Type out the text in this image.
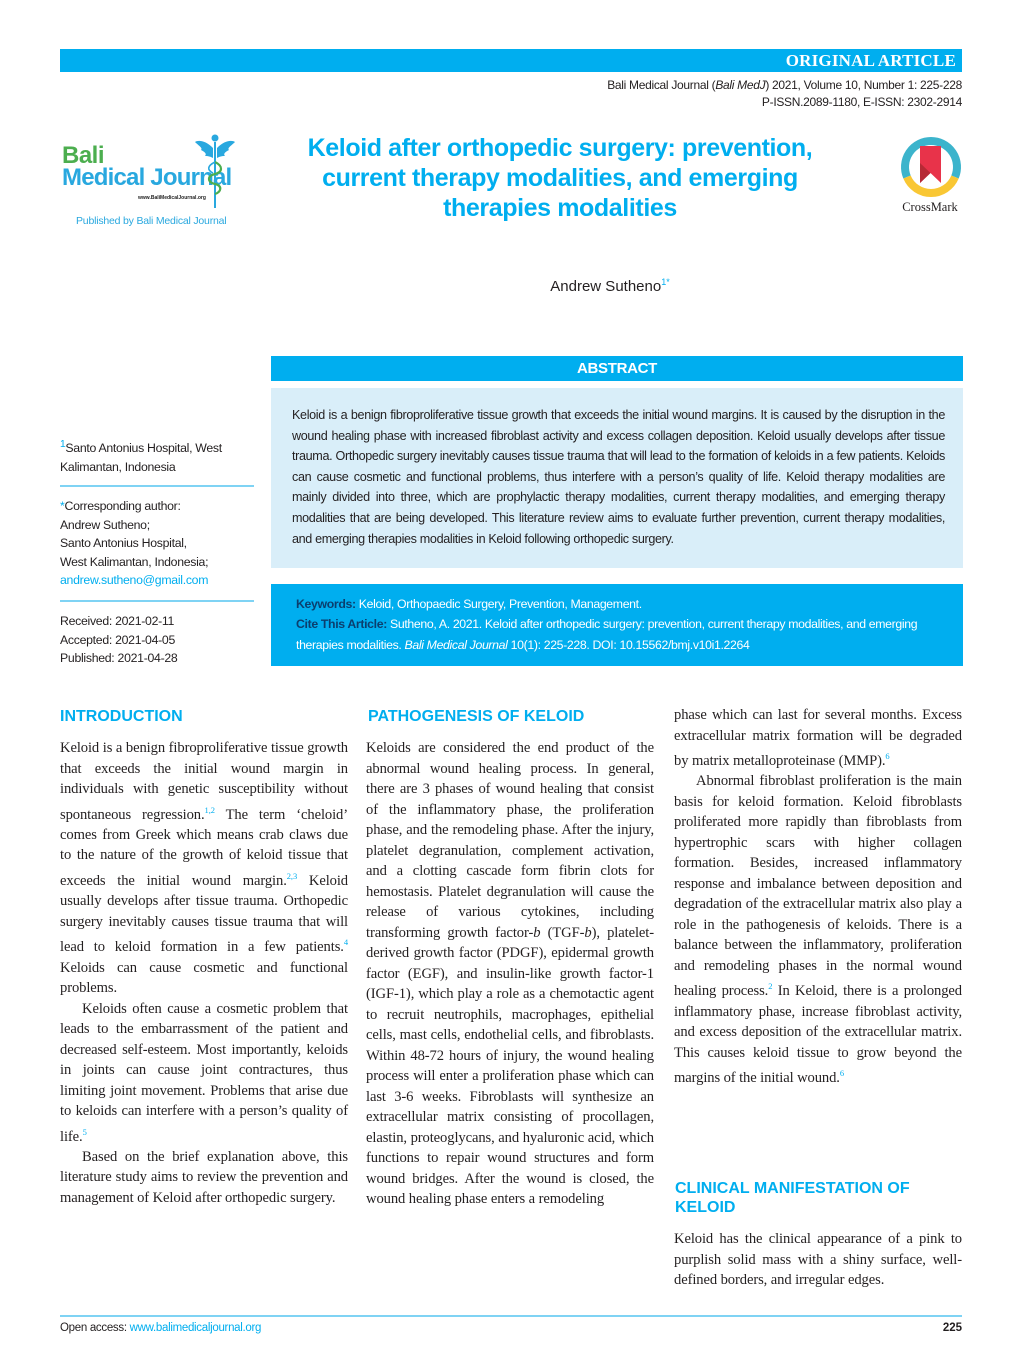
ORIGINAL ARTICLE
Bali Medical Journal (Bali MedJ) 2021, Volume 10, Number 1: 225-228
P-ISSN.2089-1180, E-ISSN: 2302-2914
Bali
Medical Journal
www.BaliMedicalJournal.org
Published by Bali Medical Journal
Keloid after orthopedic surgery: prevention, current therapy modalities, and emerging therapies modalities	CrossMark
Andrew Sutheno$^{1*}$
ABSTRACT
Keloid is a benign fibroproliferative tissue growth that exceeds the initial wound margins. It is caused by the disruption in the wound healing phase with increased fibroblast activity and excess collagen deposition. Keloid usually develops after tissue trauma. Orthopedic surgery inevitably causes tissue trauma that will lead to the formation of keloids in a few patients. Keloids can cause cosmetic and functional problems, thus interfere with a person’s quality of life. Keloid therapy modalities are mainly divided into three, which are prophylactic therapy modalities, current therapy modalities, and emerging therapy modalities that are being developed. This literature review aims to evaluate further prevention, current therapy modalities, and emerging therapies modalities in Keloid following orthopedic surgery.
Keywords: Keloid, Orthopaedic Surgery, Prevention, Management.
Cite This Article: Sutheno, A. 2021. Keloid after orthopedic surgery: prevention, current therapy modalities, and emerging therapies modalities. Bali Medical Journal 10(1): 225-228. DOI: 10.15562/bmj.v10i1.2264
$^1$Santo Antonius Hospital, West Kalimantan, Indonesia
*Corresponding author:
Andrew Sutheno;
Santo Antonius Hospital,
West Kalimantan, Indonesia;
andrew.sutheno@gmail.com
Received: 2021-02-11
Accepted: 2021-04-05
Published: 2021-04-28
INTRODUCTION

Keloid is a benign fibroproliferative tissue growth that exceeds the initial wound margin in individuals with genetic susceptibility without spontaneous regression.$^{1,2}$ The term ‘cheloid’ comes from Greek which means crab claws due to the nature of the growth of keloid tissue that exceeds the initial wound margin.$^{2,3}$ Keloid usually develops after tissue trauma. Orthopedic surgery inevitably causes tissue trauma that will lead to keloid formation in a few patients.$^4$ Keloids can cause cosmetic and functional problems.

Keloids often cause a cosmetic problem that leads to the embarrassment of the patient and decreased self-esteem. Most importantly, keloids in joints can cause joint contractures, thus limiting joint movement. Problems that arise due to keloids can interfere with a person’s quality of life.$^5$

Based on the brief explanation above, this literature study aims to review the prevention and management of Keloid after orthopedic surgery.

PATHOGENESIS OF KELOID

Keloids are considered the end product of the abnormal wound healing process. In general, there are 3 phases of wound healing that consist of the inflammatory phase, the proliferation phase, and the remodeling phase. After the injury, platelet degranulation, complement activation, and a clotting cascade form fibrin clots for hemostasis. Platelet degranulation will cause the release of various cytokines, including transforming growth factor-b (TGF-b), platelet-derived growth factor (PDGF), epidermal growth factor (EGF), and insulin-like growth factor-1 (IGF-1), which play a role as a chemotactic agent to recruit neutrophils, macrophages, epithelial cells, mast cells, endothelial cells, and fibroblasts. Within 48-72 hours of injury, the wound healing process will enter a proliferation phase which can last 3-6 weeks. Fibroblasts will synthesize an extracellular matrix consisting of procollagen, elastin, proteoglycans, and hyaluronic acid, which functions to repair wound structures and form wound bridges. After the wound is closed, the wound healing phase enters a remodeling

phase which can last for several months. Excess extracellular matrix formation will be degraded by matrix metalloproteinase (MMP).$^6$

Abnormal fibroblast proliferation is the main basis for keloid formation. Keloid fibroblasts proliferated more rapidly than fibroblasts from hypertrophic scars with higher collagen formation. Besides, increased inflammatory response and imbalance between deposition and degradation of the extracellular matrix also play a role in the pathogenesis of keloids. There is a balance between the inflammatory, proliferation and remodeling phases in the normal wound healing process.$^2$ In Keloid, there is a prolonged inflammatory phase, increase fibroblast activity, and excess deposition of the extracellular matrix. This causes keloid tissue to grow beyond the margins of the initial wound.$^6$

CLINICAL MANIFESTATION OF KELOID

Keloid has the clinical appearance of a pink to purplish solid mass with a shiny surface, well-defined borders, and irregular edges.

Open access: www.balimedicaljournal.org	225
